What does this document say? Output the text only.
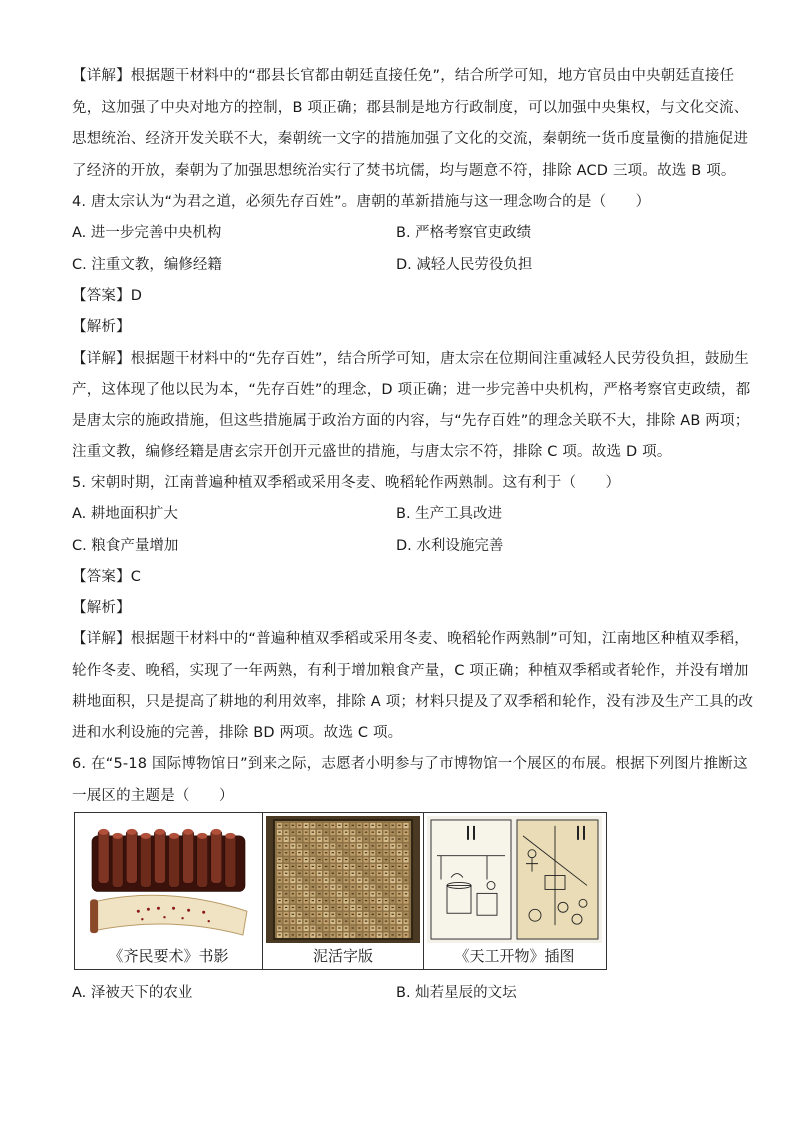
【详解】根据题干材料中的“郡县长官都由朝廷直接任免”，结合所学可知，地方官员由中央朝廷直接任
免，这加强了中央对地方的控制，B 项正确；郡县制是地方行政制度，可以加强中央集权，与文化交流、
思想统治、经济开发关联不大，秦朝统一文字的措施加强了文化的交流，秦朝统一货币度量衡的措施促进
了经济的开放，秦朝为了加强思想统治实行了焚书坑儒，均与题意不符，排除 ACD 三项。故选 B 项。
4. 唐太宗认为“为君之道，必须先存百姓”。唐朝的革新措施与这一理念吻合的是（　　）
A. 进一步完善中央机构	B. 严格考察官吏政绩
C. 注重文教，编修经籍	D. 减轻人民劳役负担
【答案】D
【解析】
【详解】根据题干材料中的“先存百姓”，结合所学可知，唐太宗在位期间注重减轻人民劳役负担，鼓励生
产，这体现了他以民为本，“先存百姓”的理念，D 项正确；进一步完善中央机构，严格考察官吏政绩，都
是唐太宗的施政措施，但这些措施属于政治方面的内容，与“先存百姓”的理念关联不大，排除 AB 两项；
注重文教，编修经籍是唐玄宗开创开元盛世的措施，与唐太宗不符，排除 C 项。故选 D 项。
5. 宋朝时期，江南普遍种植双季稻或采用冬麦、晚稻轮作两熟制。这有利于（　　）
A. 耕地面积扩大	B. 生产工具改进
C. 粮食产量增加	D. 水利设施完善
【答案】C
【解析】
【详解】根据题干材料中的“普遍种植双季稻或采用冬麦、晚稻轮作两熟制”可知，江南地区种植双季稻，
轮作冬麦、晚稻，实现了一年两熟，有利于增加粮食产量，C 项正确；种植双季稻或者轮作，并没有增加
耕地面积，只是提高了耕地的利用效率，排除 A 项；材料只提及了双季稻和轮作，没有涉及生产工具的改
进和水利设施的完善，排除 BD 两项。故选 C 项。
6. 在“5-18 国际博物馆日”到来之际，志愿者小明参与了市博物馆一个展区的布展。根据下列图片推断这
一展区的主题是（　　）
《齐民要术》书影	泥活字版	《天工开物》插图
A. 泽被天下的农业	B. 灿若星辰的文坛
